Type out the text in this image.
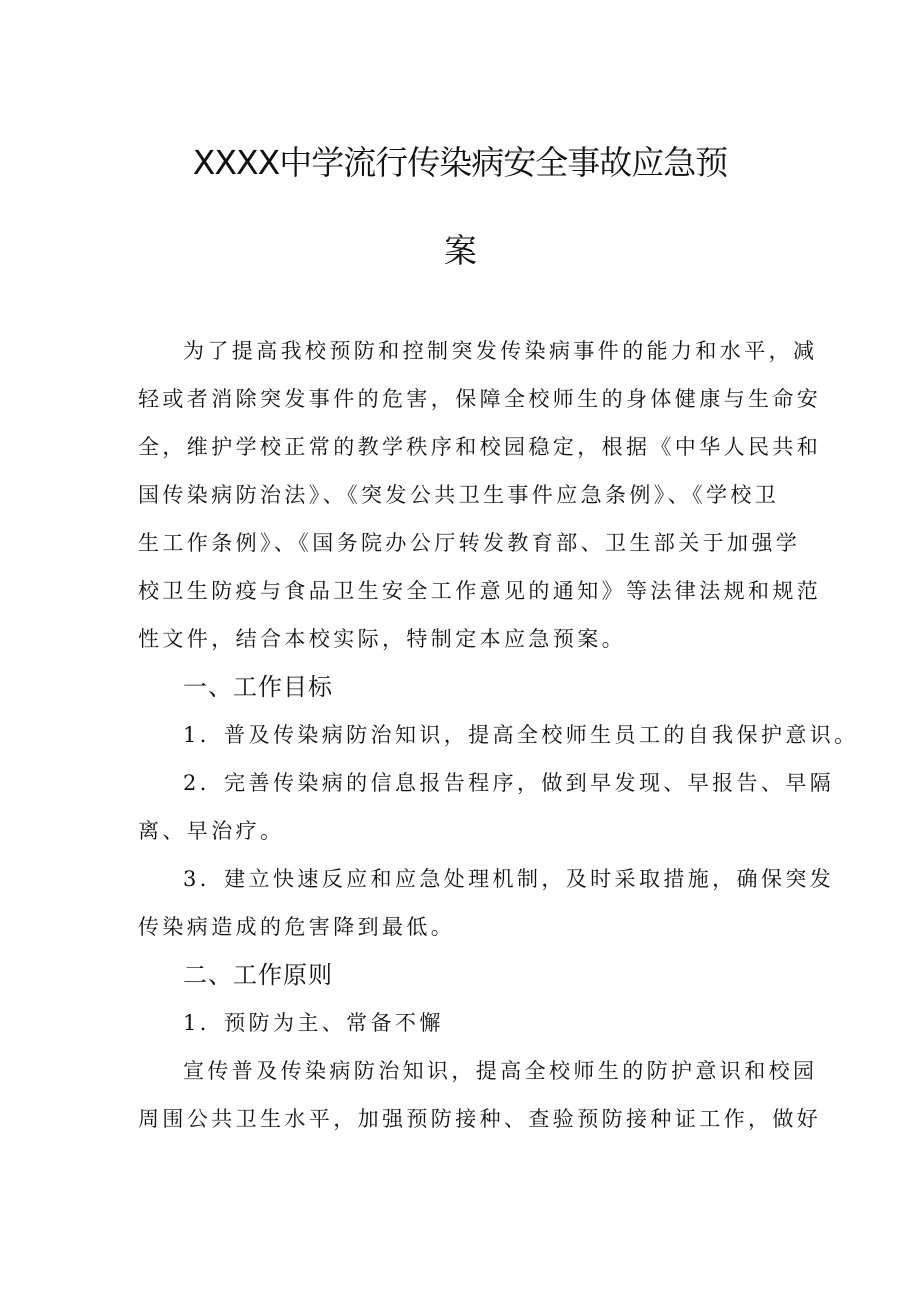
XXXX中学流行传染病安全事故应急预
案
为了提高我校预防和控制突发传染病事件的能力和水平，减
轻或者消除突发事件的危害，保障全校师生的身体健康与生命安
全，维护学校正常的教学秩序和校园稳定，根据《中华人民共和
国传染病防治法》、《突发公共卫生事件应急条例》、《学校卫
生工作条例》、《国务院办公厅转发教育部、卫生部关于加强学
校卫生防疫与食品卫生安全工作意见的通知》等法律法规和规范
性文件，结合本校实际，特制定本应急预案。
一、工作目标
1．普及传染病防治知识，提高全校师生员工的自我保护意识。
2．完善传染病的信息报告程序，做到早发现、早报告、早隔
离、早治疗。
3．建立快速反应和应急处理机制，及时采取措施，确保突发
传染病造成的危害降到最低。
二、工作原则
1．预防为主、常备不懈
宣传普及传染病防治知识，提高全校师生的防护意识和校园
周围公共卫生水平，加强预防接种、查验预防接种证工作，做好
